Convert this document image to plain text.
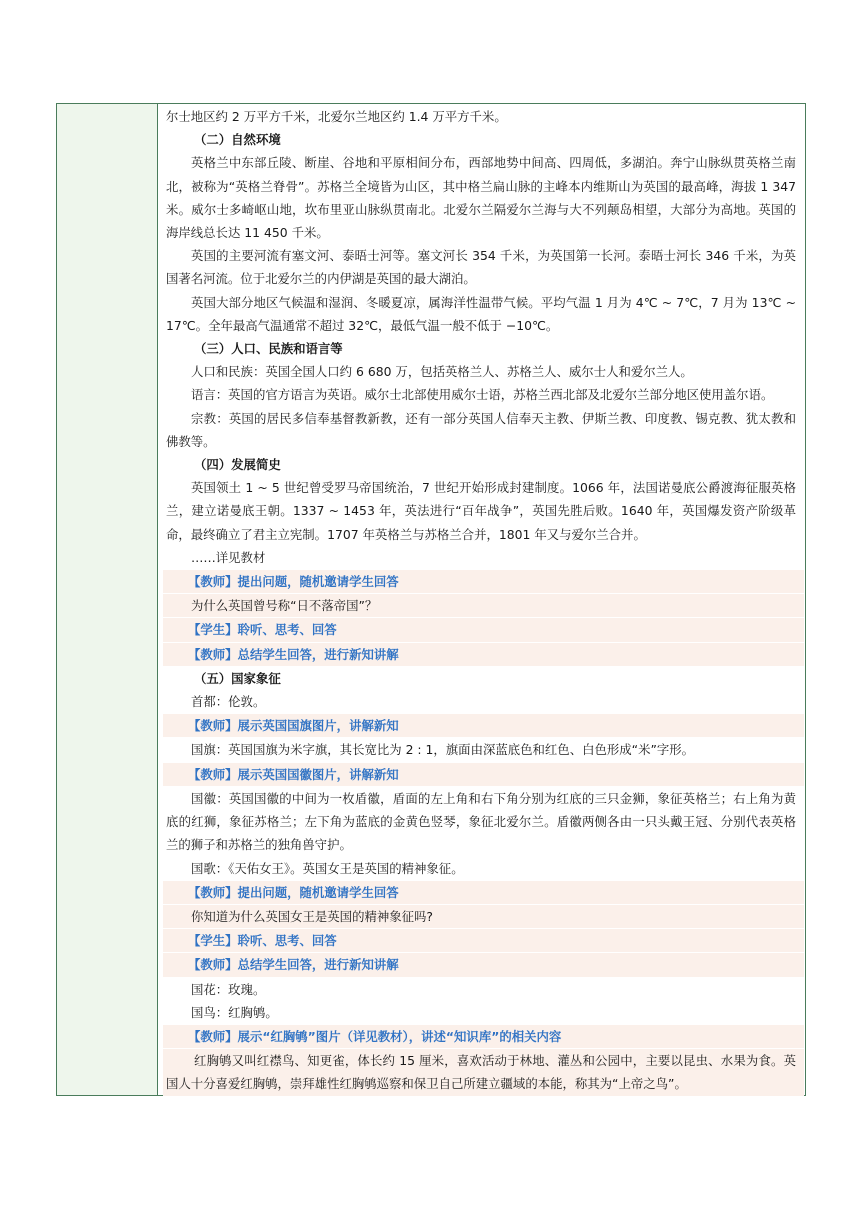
尔士地区约 2 万平方千米，北爱尔兰地区约 1.4 万平方千米。

（二）自然环境

英格兰中东部丘陵、断崖、谷地和平原相间分布，西部地势中间高、四周低，多湖泊。奔宁山脉纵贯英格兰南北，被称为“英格兰脊骨”。苏格兰全境皆为山区，其中格兰扁山脉的主峰本内维斯山为英国的最高峰，海拔 1 347 米。威尔士多崎岖山地，坎布里亚山脉纵贯南北。北爱尔兰隔爱尔兰海与大不列颠岛相望，大部分为高地。英国的海岸线总长达 11 450 千米。

英国的主要河流有塞文河、泰晤士河等。塞文河长 354 千米，为英国第一长河。泰晤士河长 346 千米，为英国著名河流。位于北爱尔兰的内伊湖是英国的最大湖泊。

英国大部分地区气候温和湿润、冬暖夏凉，属海洋性温带气候。平均气温 1 月为 4℃ ~ 7℃，7 月为 13℃ ~ 17℃。全年最高气温通常不超过 32℃，最低气温一般不低于 −10℃。

（三）人口、民族和语言等

人口和民族：英国全国人口约 6 680 万，包括英格兰人、苏格兰人、威尔士人和爱尔兰人。

语言：英国的官方语言为英语。威尔士北部使用威尔士语，苏格兰西北部及北爱尔兰部分地区使用盖尔语。

宗教：英国的居民多信奉基督教新教，还有一部分英国人信奉天主教、伊斯兰教、印度教、锡克教、犹太教和佛教等。

（四）发展简史

英国领土 1 ~ 5 世纪曾受罗马帝国统治，7 世纪开始形成封建制度。1066 年，法国诺曼底公爵渡海征服英格兰，建立诺曼底王朝。1337 ~ 1453 年，英法进行“百年战争”，英国先胜后败。1640 年，英国爆发资产阶级革命，最终确立了君主立宪制。1707 年英格兰与苏格兰合并，1801 年又与爱尔兰合并。

……详见教材

【教师】提出问题，随机邀请学生回答

为什么英国曾号称“日不落帝国”？

【学生】聆听、思考、回答

【教师】总结学生回答，进行新知讲解

（五）国家象征

首都：伦敦。

【教师】展示英国国旗图片，讲解新知

国旗：英国国旗为米字旗，其长宽比为 2 : 1，旗面由深蓝底色和红色、白色形成“米”字形。

【教师】展示英国国徽图片，讲解新知

国徽：英国国徽的中间为一枚盾徽，盾面的左上角和右下角分别为红底的三只金狮，象征英格兰；右上角为黄底的红狮，象征苏格兰；左下角为蓝底的金黄色竖琴，象征北爱尔兰。盾徽两侧各由一只头戴王冠、分别代表英格兰的狮子和苏格兰的独角兽守护。

国歌：《天佑女王》。英国女王是英国的精神象征。

【教师】提出问题，随机邀请学生回答

你知道为什么英国女王是英国的精神象征吗?

【学生】聆听、思考、回答

【教师】总结学生回答，进行新知讲解

国花：玫瑰。

国鸟：红胸鸲。

【教师】展示“红胸鸲”图片（详见教材），讲述“知识库”的相关内容

红胸鸲又叫红襟鸟、知更雀，体长约 15 厘米，喜欢活动于林地、灌丛和公园中，主要以昆虫、水果为食。英国人十分喜爱红胸鸲，崇拜雄性红胸鸲巡察和保卫自己所建立疆域的本能，称其为“上帝之鸟”。
